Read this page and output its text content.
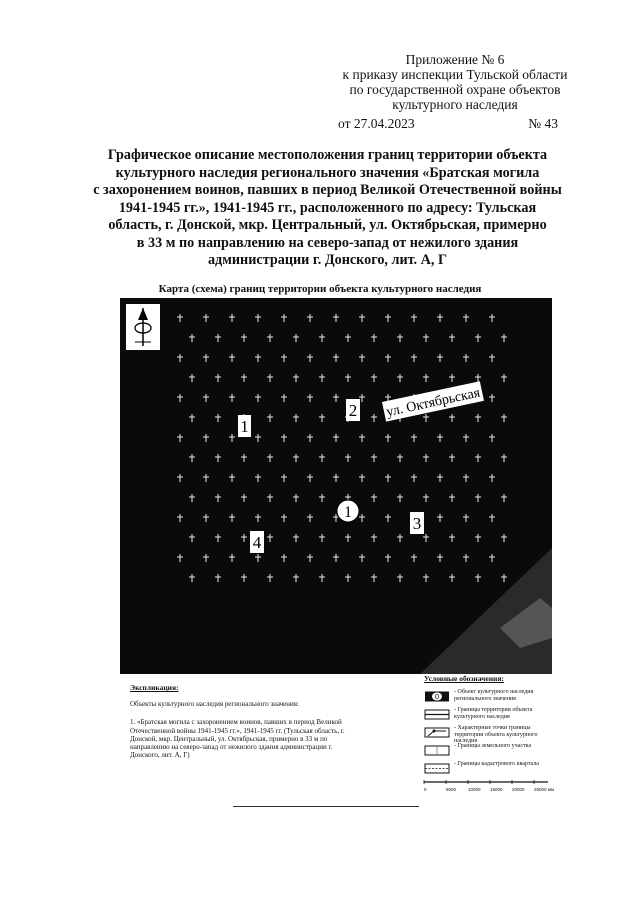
Приложение № 6
к приказу инспекции Тульской области
по государственной охране объектов
культурного наследия
от 27.04.2023	№ 43
Графическое описание местоположения границ территории объекта
культурного наследия регионального значения «Братская могила
с захоронением воинов, павших в период Великой Отечественной войны
1941-1945 гг.», 1941-1945 гг., расположенного по адресу: Тульская
область, г. Донской, мкр. Центральный, ул. Октябрьская, примерно
в 33 м по направлению на северо-запад от нежилого здания
администрации г. Донского, лит. А, Г
Карта (схема) границ территории объекта культурного наследия
1
2
3
4
1
ул. Октябрьская
Экспликация:
Объекты культурного наследия регионального значения:
1. «Братская могила с захоронением воинов, павших в период Великой
Отечественной войны 1941-1945 гг.», 1941-1945 гг. (Тульская область, г.
Донской, мкр. Центральный, ул. Октябрьская, примерно в 33 м по
направлению на северо-запад от нежилого здания администрации г.
Донского, лит. А, Г)
Условные обозначения:
0
- Объект культурного наследия регионального значения
- Границы территории объекта культурного наследия
- Характерные точки границы территории объекта культурного наследия
- Границы земельного участка
- Границы кадастрового квартала
0	5000	10000 15000 20000 25000 мм
